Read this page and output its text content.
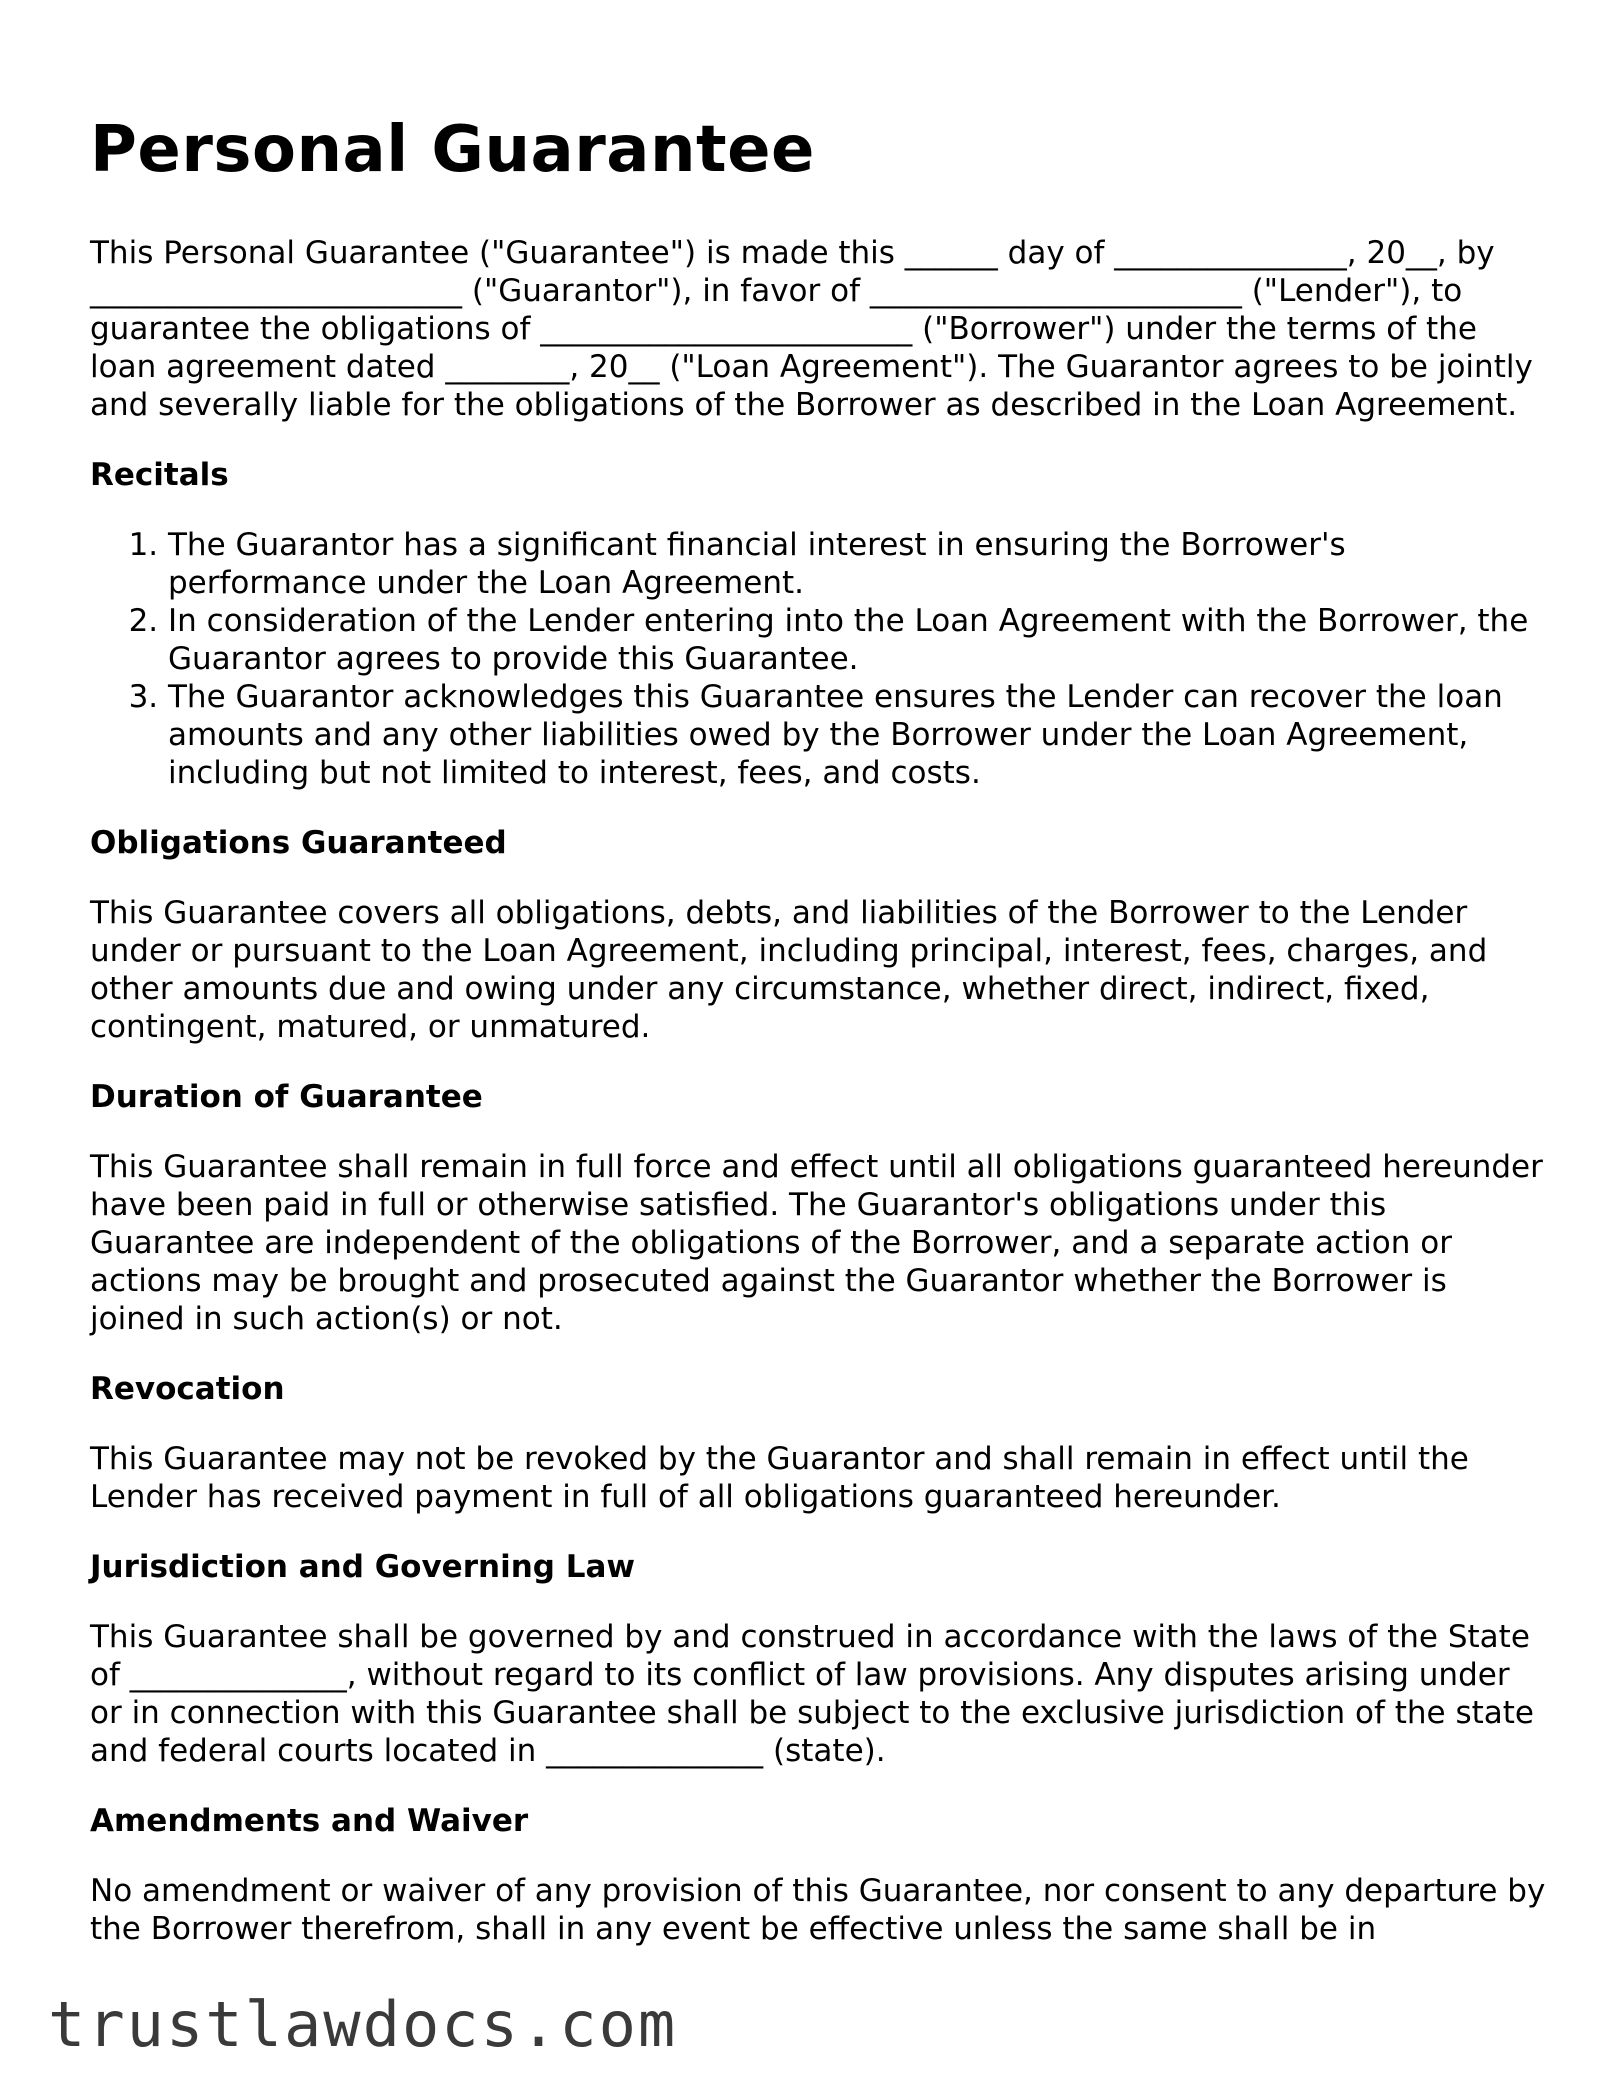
Personal Guarantee

This Personal Guarantee ("Guarantee") is made this ______ day of _______________, 20__, by ________________________ ("Guarantor"), in favor of ________________________ ("Lender"), to guarantee the obligations of ________________________ ("Borrower") under the terms of the loan agreement dated ________, 20__ ("Loan Agreement"). The Guarantor agrees to be jointly and severally liable for the obligations of the Borrower as described in the Loan Agreement.

Recitals
1. The Guarantor has a significant financial interest in ensuring the Borrower's performance under the Loan Agreement.
2. In consideration of the Lender entering into the Loan Agreement with the Borrower, the Guarantor agrees to provide this Guarantee.
3. The Guarantor acknowledges this Guarantee ensures the Lender can recover the loan amounts and any other liabilities owed by the Borrower under the Loan Agreement, including but not limited to interest, fees, and costs.
Obligations Guaranteed

This Guarantee covers all obligations, debts, and liabilities of the Borrower to the Lender under or pursuant to the Loan Agreement, including principal, interest, fees, charges, and other amounts due and owing under any circumstance, whether direct, indirect, fixed, contingent, matured, or unmatured.

Duration of Guarantee

This Guarantee shall remain in full force and effect until all obligations guaranteed hereunder have been paid in full or otherwise satisfied. The Guarantor's obligations under this Guarantee are independent of the obligations of the Borrower, and a separate action or actions may be brought and prosecuted against the Guarantor whether the Borrower is joined in such action(s) or not.

Revocation

This Guarantee may not be revoked by the Guarantor and shall remain in effect until the Lender has received payment in full of all obligations guaranteed hereunder.

Jurisdiction and Governing Law

This Guarantee shall be governed by and construed in accordance with the laws of the State of ______________, without regard to its conflict of law provisions. Any disputes arising under or in connection with this Guarantee shall be subject to the exclusive jurisdiction of the state and federal courts located in ______________ (state).

Amendments and Waiver

No amendment or waiver of any provision of this Guarantee, nor consent to any departure by the Borrower therefrom, shall in any event be effective unless the same shall be in

trustlawdocs.com
